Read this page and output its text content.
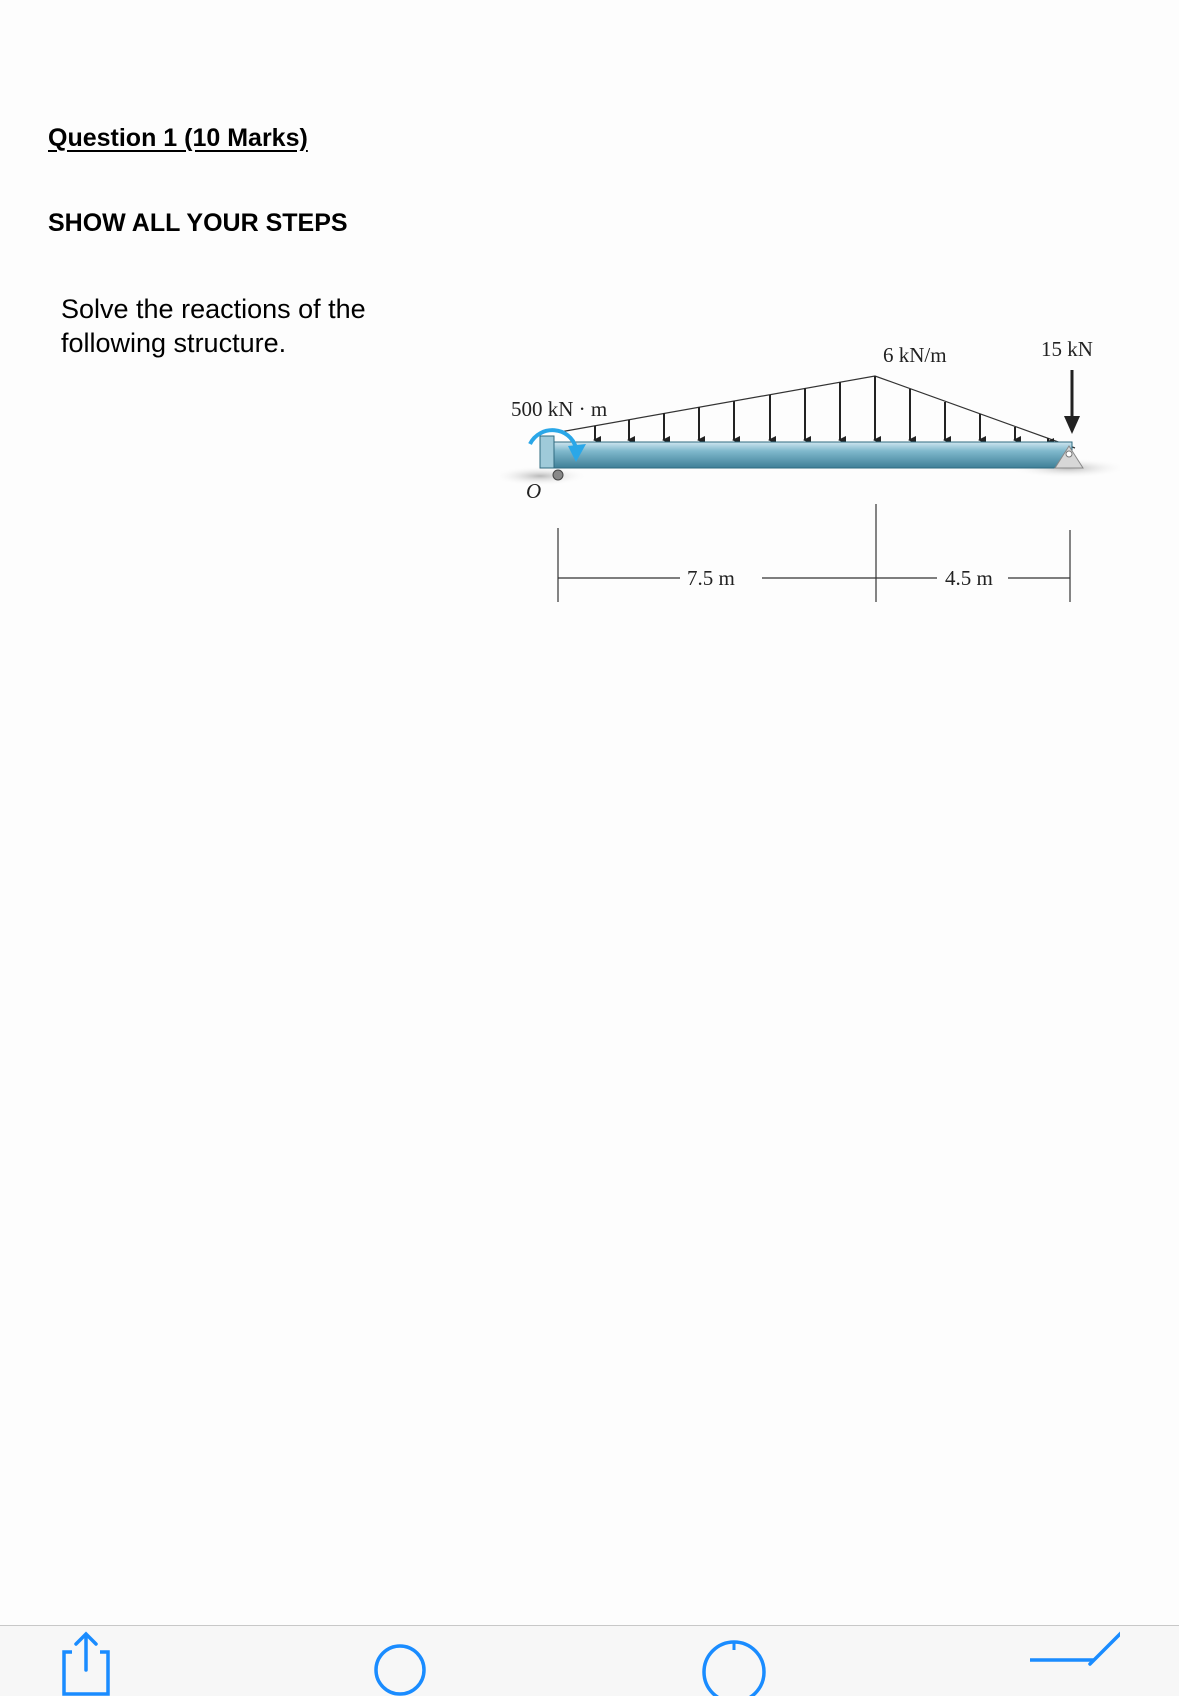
Question 1 (10 Marks)
SHOW ALL YOUR STEPS
Solve the reactions of the following structure.
500 kN · m
6 kN/m	15 kN
O
7.5 m	4.5 m
